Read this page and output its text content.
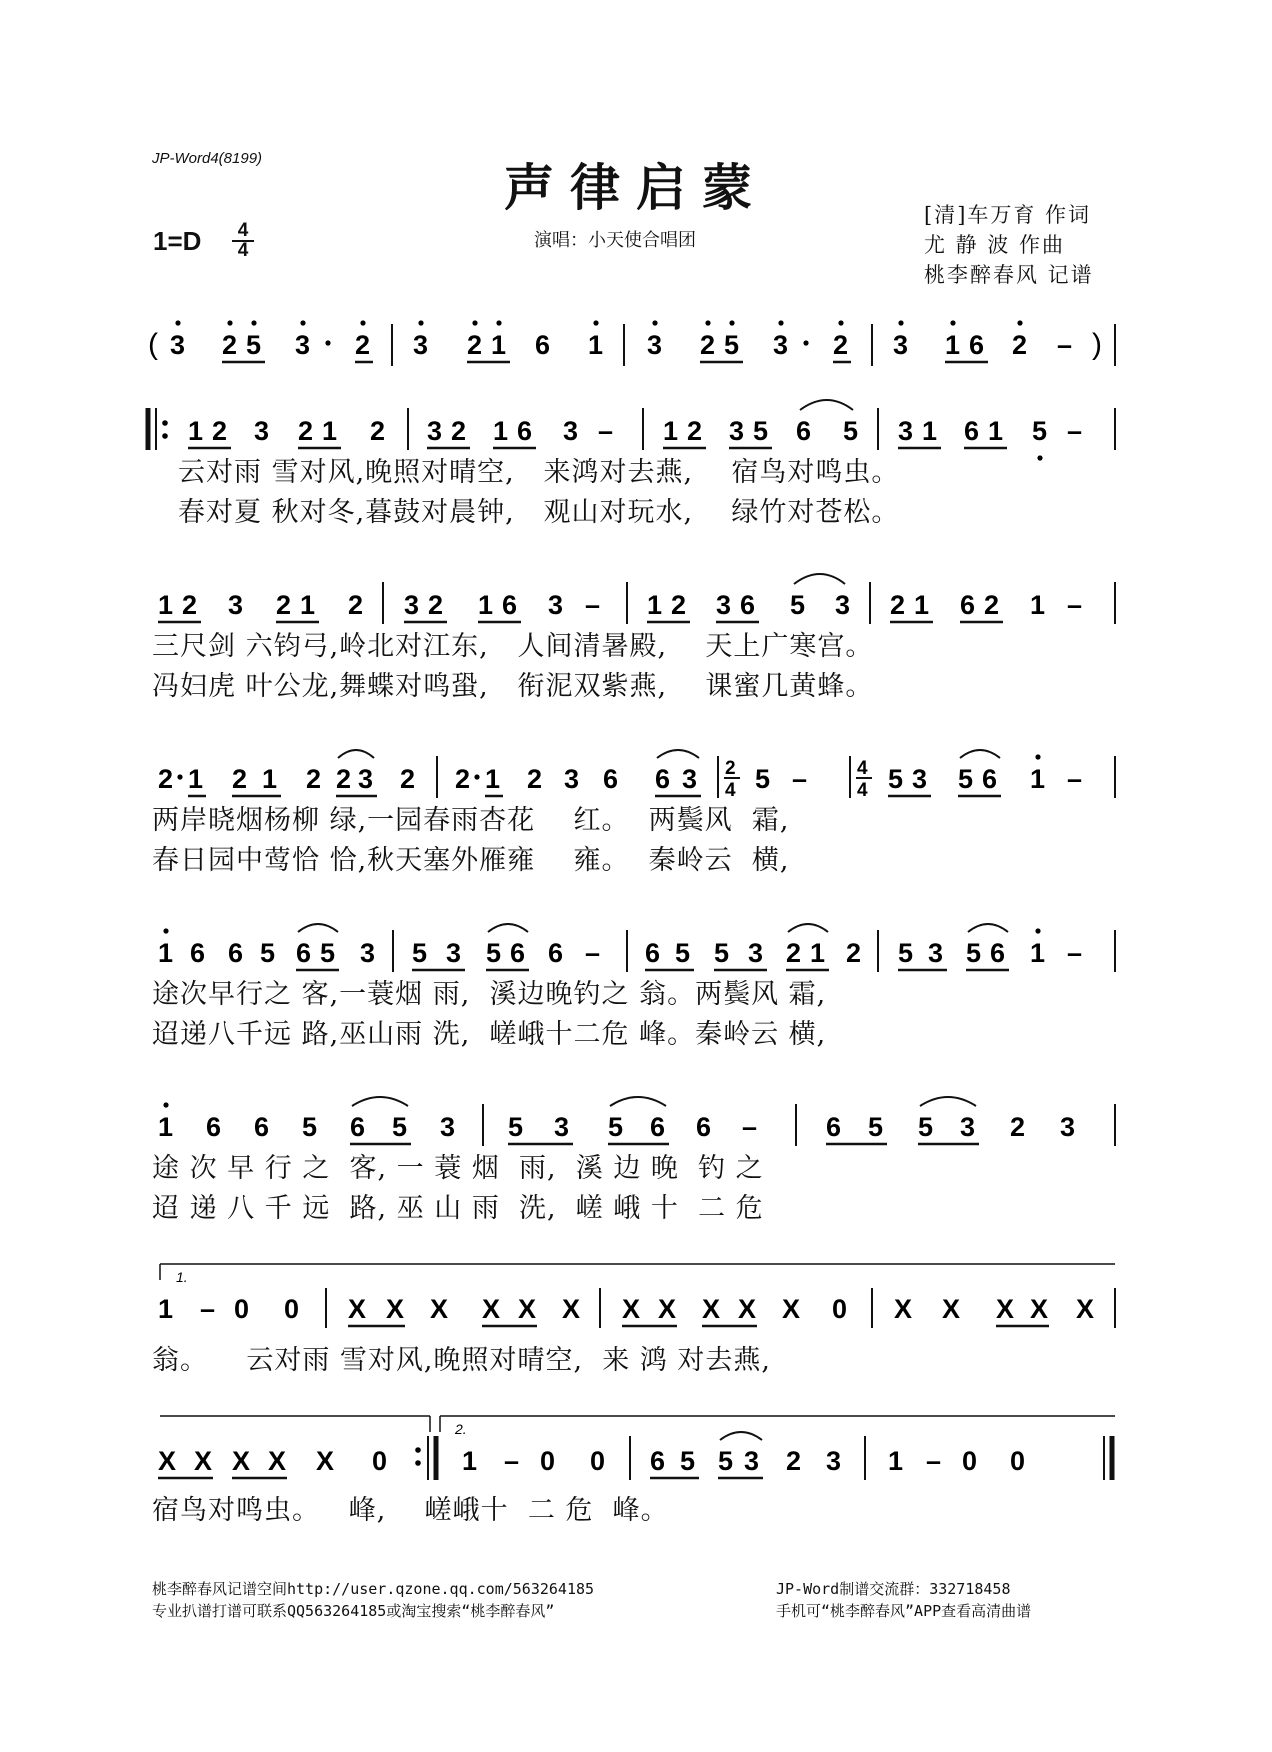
JP-Word4(8199)	声律启蒙
$1=D \frac{4}{4}$	演唱：小天使合唱团
[清]车万育 作词
尤 静 波 作曲
桃李醉春风 记谱
( 3 2 5 3 2 3 2 1 6 1 3 2 5 3 2 3 1 6 2 – )
1 2 3 2 1 2 3 2 1 6 3 – 1 2 3 5 6 5 3 1 6 1 5 –
云对雨 雪对风,晚照对晴空,   来鸿对去燕,    宿鸟对鸣虫。
春对夏 秋对冬,暮鼓对晨钟,   观山对玩水,    绿竹对苍松。
1 2 3 2 1 2 3 2 1 6 3 – 1 2 3 6 5 3 2 1 6 2 1 –
三尺剑 六钧弓,岭北对江东,   人间清暑殿,    天上广寒宫。
冯妇虎 叶公龙,舞蝶对鸣蛩,   衔泥双紫燕,    课蜜几黄蜂。
2 1 2 1 2 2 3 2 2 1 2 3 6 6 3 2
4 5 –	4
4 5 3 5 6 1 –
两岸晓烟杨柳 绿,一园春雨杏花    红。  两鬓风  霜,
春日园中莺恰 恰,秋天塞外雁雍    雍。  秦岭云  横,
1 6 6 5 6 5 3 5 3 5 6 6 – 6 5 5 3 2 1 2 5 3 5 6 1 –
途次早行之 客,一蓑烟 雨,  溪边晚钓之 翁。两鬓风 霜,
迢递八千远 路,巫山雨 洗,  嵯峨十二危 峰。秦岭云 横,
1 6 6 5 6 5 3 5 3 5 6 6 –	6 5 5 3 2 3
途 次 早 行 之  客, 一 蓑 烟  雨,  溪 边 晚  钓 之
迢 递 八 千 远  路, 巫 山 雨  洗,  嵯 峨 十  二 危
1.
1 – 0 0 X X X X X X X X X X X 0 X X X X X
翁。    云对雨 雪对风,晚照对晴空,  来 鸿 对去燕,
2.
X X X X X 0	1 – 0 0 6 5 5 3 2 3 1 – 0 0
宿鸟对鸣虫。   峰,    嵯峨十  二 危  峰。
桃李醉春风记谱空间http://user.qzone.qq.com/563264185
专业扒谱打谱可联系QQ563264185或淘宝搜索“桃李醉春风”
JP-Word制谱交流群：332718458
手机可“桃李醉春风”APP查看高清曲谱
